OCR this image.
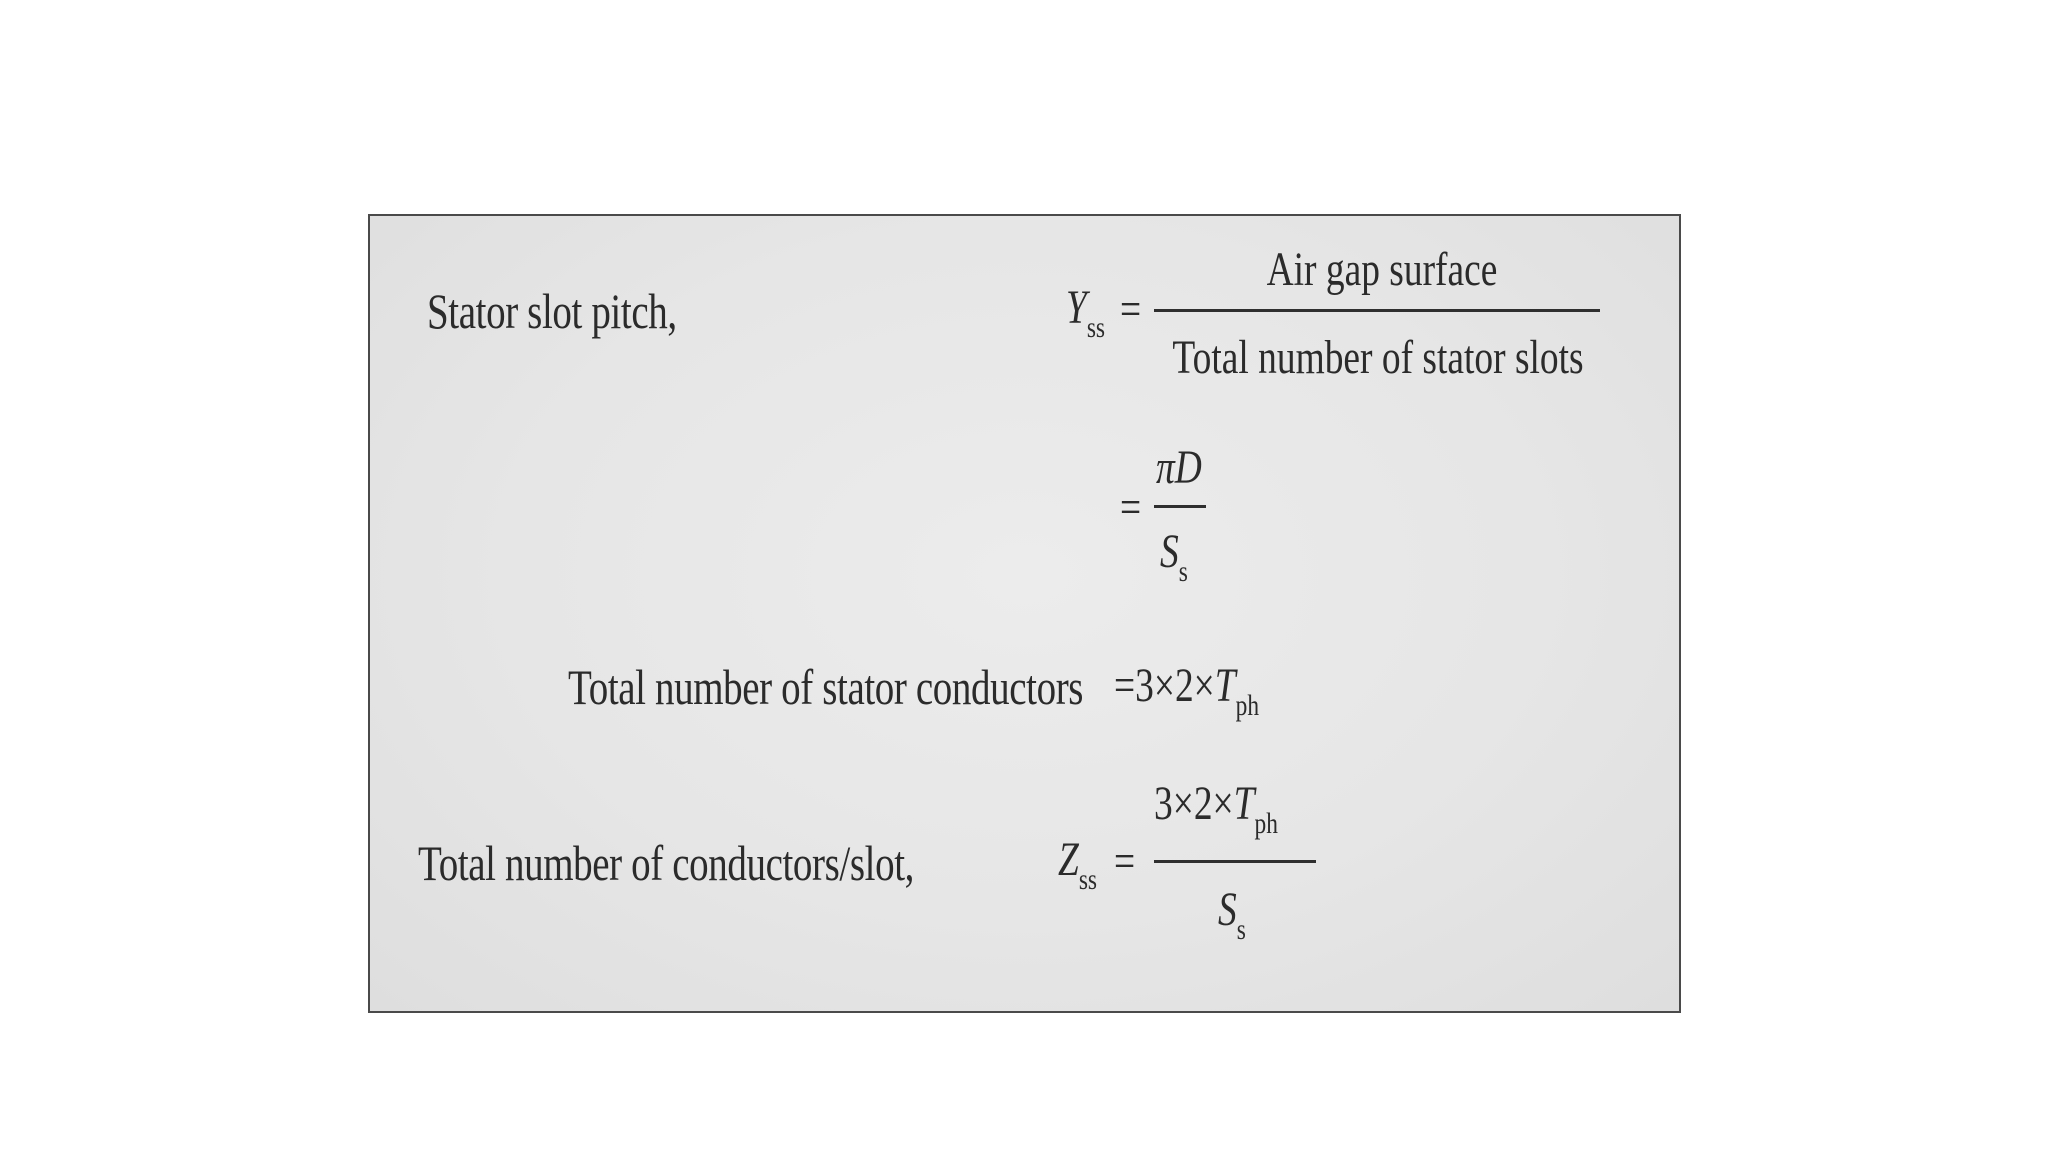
Stator slot pitch,	$Y_{ss}$ =
Air gap surface
Total number of stator slots
=
πD
$S_s$
Total number of stator conductors $=3\times 2\times T_{ph}$
Total number of conductors/slot,	$Z_{ss}$ =
$3\times 2\times T_{ph}$
$S_s$
